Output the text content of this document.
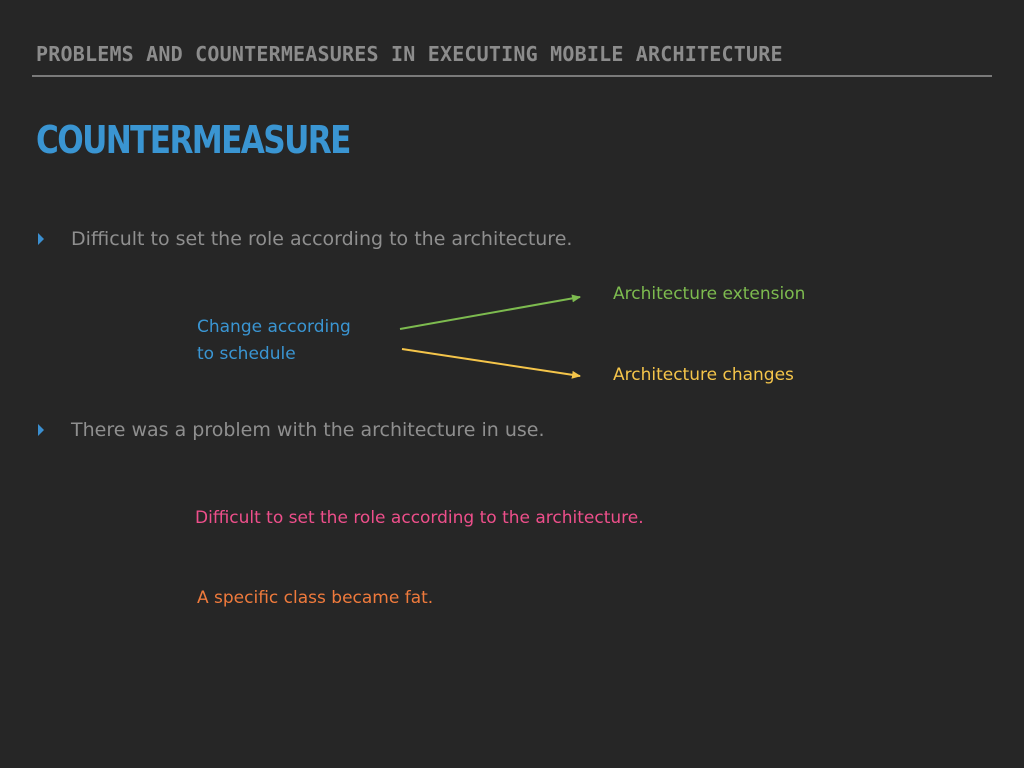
PROBLEMS AND COUNTERMEASURES IN EXECUTING MOBILE ARCHITECTURE
COUNTERMEASURE
Difficult to set the role according to the architecture.
Change according
to schedule
Architecture extension
Architecture changes
There was a problem with the architecture in use.
Difficult to set the role according to the architecture.
A specific class became fat.
